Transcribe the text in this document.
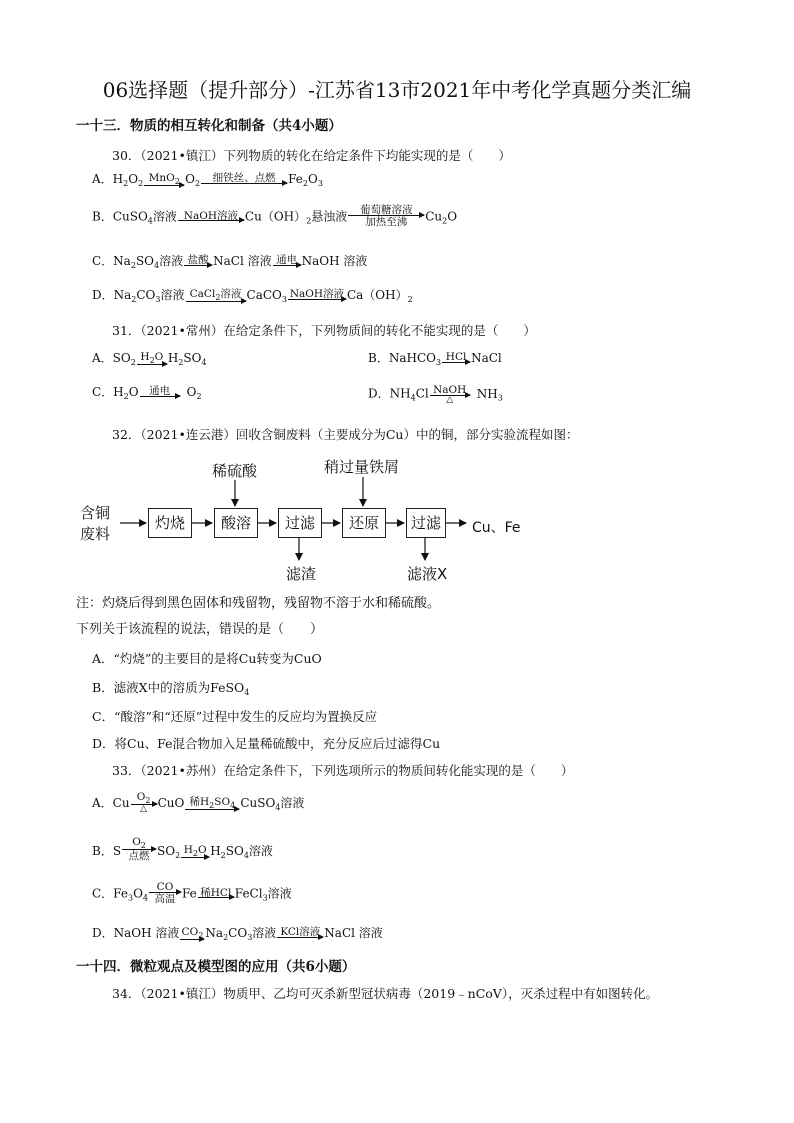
06选择题（提升部分）-江苏省13市2021年中考化学真题分类汇编
一十三．物质的相互转化和制备（共4小题）
30．（2021•镇江）下列物质的转化在给定条件下均能实现的是（　　）
A．$H_2O_2$ MnO$_2$ $O_2$	细铁丝、点燃	$Fe_2O_3$
B．CuSO$_4$溶液 NaOH溶液 $Cu(OH)_2$悬浊液	葡萄糖溶液
加热至沸	$Cu_2O$
C．$Na_2SO_4$溶液 盐酸 NaCl 溶液 通电 NaOH 溶液
D．$Na_2CO_3$溶液 CaCl$_2$溶液 CaCO$_3$ NaOH溶液 $Ca(OH)_2$
31．（2021•常州）在给定条件下，下列物质间的转化不能实现的是（　　）
A．$SO_2$ $H_2O$ $H_2SO_4$	B．NaHCO$_3$ HCl NaCl
C．$H_2O$	通电	$O_2$	D．$NH_4Cl$ NaOH
△	$NH_3$
32．（2021•连云港）回收含铜废料（主要成分为Cu）中的铜，部分实验流程如图：
含铜
废料
稀硫酸	稍过量铁屑
灼烧	酸溶	过滤	还原	过滤
滤渣	滤液X
Cu、Fe
注：灼烧后得到黑色固体和残留物，残留物不溶于水和稀硫酸。
下列关于该流程的说法，错误的是（　　）
A．“灼烧”的主要目的是将Cu转变为CuO
B．滤液X中的溶质为FeSO$_4$
C．“酸溶”和“还原”过程中发生的反应均为置换反应
D．将Cu、Fe混合物加入足量稀硫酸中，充分反应后过滤得Cu
33．（2021•苏州）在给定条件下，下列选项所示的物质间转化能实现的是（　　）
A．Cu $O_2$
△ CuO 稀$H_2SO_4$ CuSO$_4$溶液
B．S
$O_2$
点燃 $SO_2$ $H_2O$ $H_2SO_4$溶液
C．$Fe_3O_4$
CO
高温 Fe 稀HCl FeCl$_3$溶液
D．NaOH 溶液 $CO_2$ $Na_2CO_3$溶液 KCl溶液 NaCl 溶液
一十四．微粒观点及模型图的应用（共6小题）
34．（2021•镇江）物质甲、乙均可灭杀新型冠状病毒（2019﹣nCoV），灭杀过程中有如图转化。
